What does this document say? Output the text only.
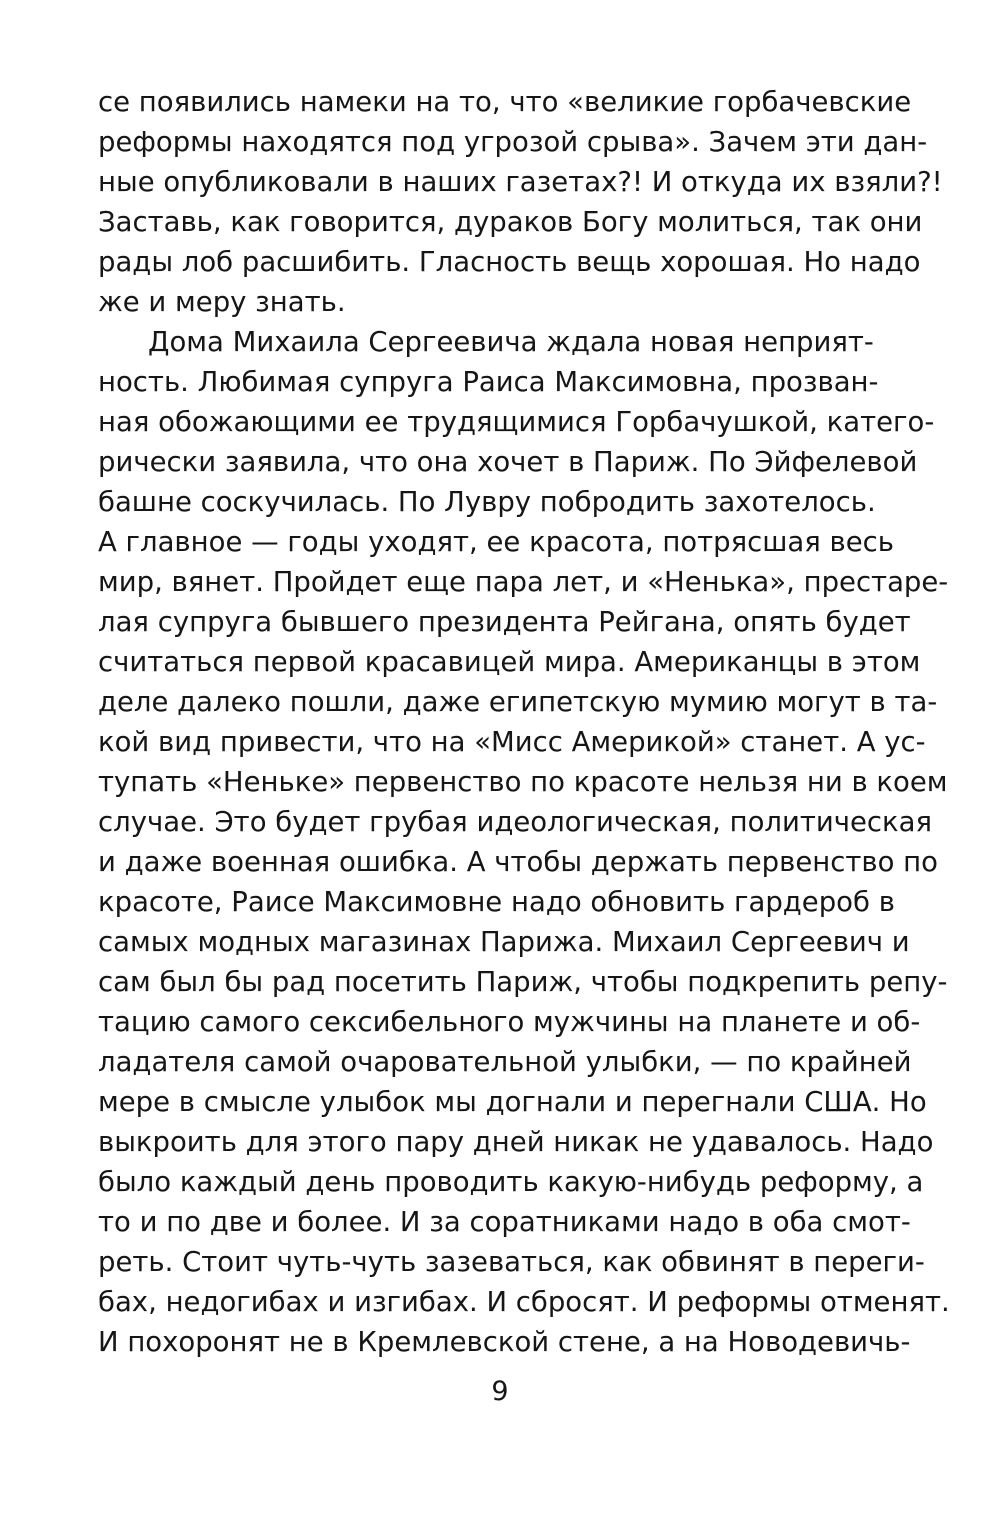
се появились намеки на то, что «великие горбачевские
реформы находятся под угрозой срыва». Зачем эти дан-
ные опубликовали в наших газетах?! И откуда их взяли?!
Заставь, как говорится, дураков Богу молиться, так они
рады лоб расшибить. Гласность вещь хорошая. Но надо
же и меру знать.
Дома Михаила Сергеевича ждала новая неприят-
ность. Любимая супруга Раиса Максимовна, прозван-
ная обожающими ее трудящимися Горбачушкой, катего-
рически заявила, что она хочет в Париж. По Эйфелевой
башне соскучилась. По Лувру побродить захотелось.
А главное — годы уходят, ее красота, потрясшая весь
мир, вянет. Пройдет еще пара лет, и «Ненька», престаре-
лая супруга бывшего президента Рейгана, опять будет
считаться первой красавицей мира. Американцы в этом
деле далеко пошли, даже египетскую мумию могут в та-
кой вид привести, что на «Мисс Америкой» станет. А ус-
тупать «Неньке» первенство по красоте нельзя ни в коем
случае. Это будет грубая идеологическая, политическая
и даже военная ошибка. А чтобы держать первенство по
красоте, Раисе Максимовне надо обновить гардероб в
самых модных магазинах Парижа. Михаил Сергеевич и
сам был бы рад посетить Париж, чтобы подкрепить репу-
тацию самого сексибельного мужчины на планете и об-
ладателя самой очаровательной улыбки, — по крайней
мере в смысле улыбок мы догнали и перегнали США. Но
выкроить для этого пару дней никак не удавалось. Надо
было каждый день проводить какую-нибудь реформу, а
то и по две и более. И за соратниками надо в оба смот-
реть. Стоит чуть-чуть зазеваться, как обвинят в переги-
бах, недогибах и изгибах. И сбросят. И реформы отменят.
И похоронят не в Кремлевской стене, а на Новодевичь-
9
